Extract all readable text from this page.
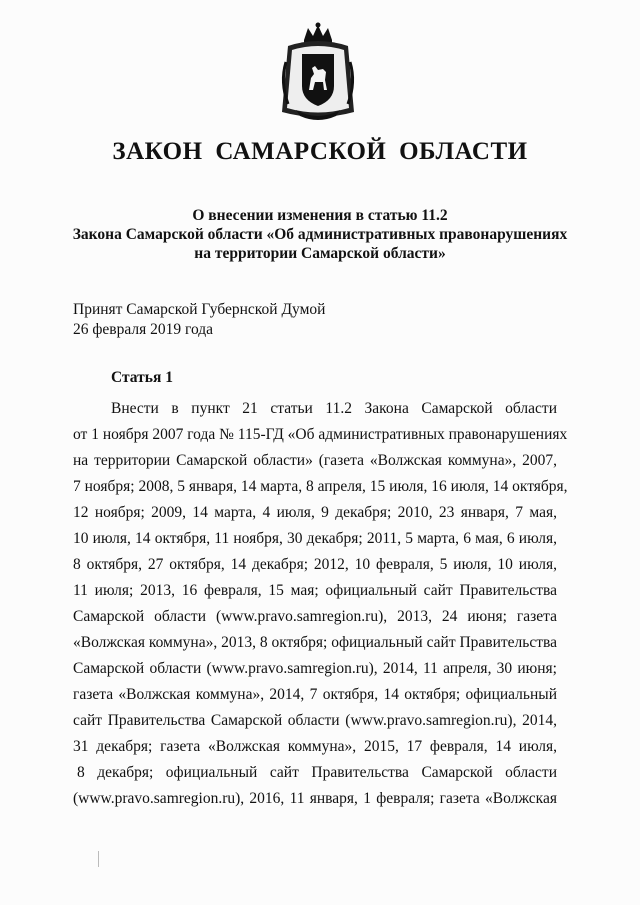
ЗАКОН САМАРСКОЙ ОБЛАСТИ
О внесении изменения в статью 11.2
Закона Самарской области «Об административных правонарушениях
на территории Самарской области»
Принят Самарской Губернской Думой
26 февраля 2019 года
Статья 1
Внести в пункт 21 статьи 11.2 Закона Самарской области
от 1 ноября 2007 года № 115-ГД «Об административных правонарушениях
на территории Самарской области» (газета «Волжская коммуна», 2007,
7 ноября; 2008, 5 января, 14 марта, 8 апреля, 15 июля, 16 июля, 14 октября,
12 ноября; 2009, 14 марта, 4 июля, 9 декабря; 2010, 23 января, 7 мая,
10 июля, 14 октября, 11 ноября, 30 декабря; 2011, 5 марта, 6 мая, 6 июля,
8 октября, 27 октября, 14 декабря; 2012, 10 февраля, 5 июля, 10 июля,
11 июля; 2013, 16 февраля, 15 мая; официальный сайт Правительства
Самарской области (www.pravo.samregion.ru), 2013, 24 июня; газета
«Волжская коммуна», 2013, 8 октября; официальный сайт Правительства
Самарской области (www.pravo.samregion.ru), 2014, 11 апреля, 30 июня;
газета «Волжская коммуна», 2014, 7 октября, 14 октября; официальный
сайт Правительства Самарской области (www.pravo.samregion.ru), 2014,
31 декабря; газета «Волжская коммуна», 2015, 17 февраля, 14 июля,
8 декабря; официальный сайт Правительства Самарской области
(www.pravo.samregion.ru), 2016, 11 января, 1 февраля; газета «Волжская
